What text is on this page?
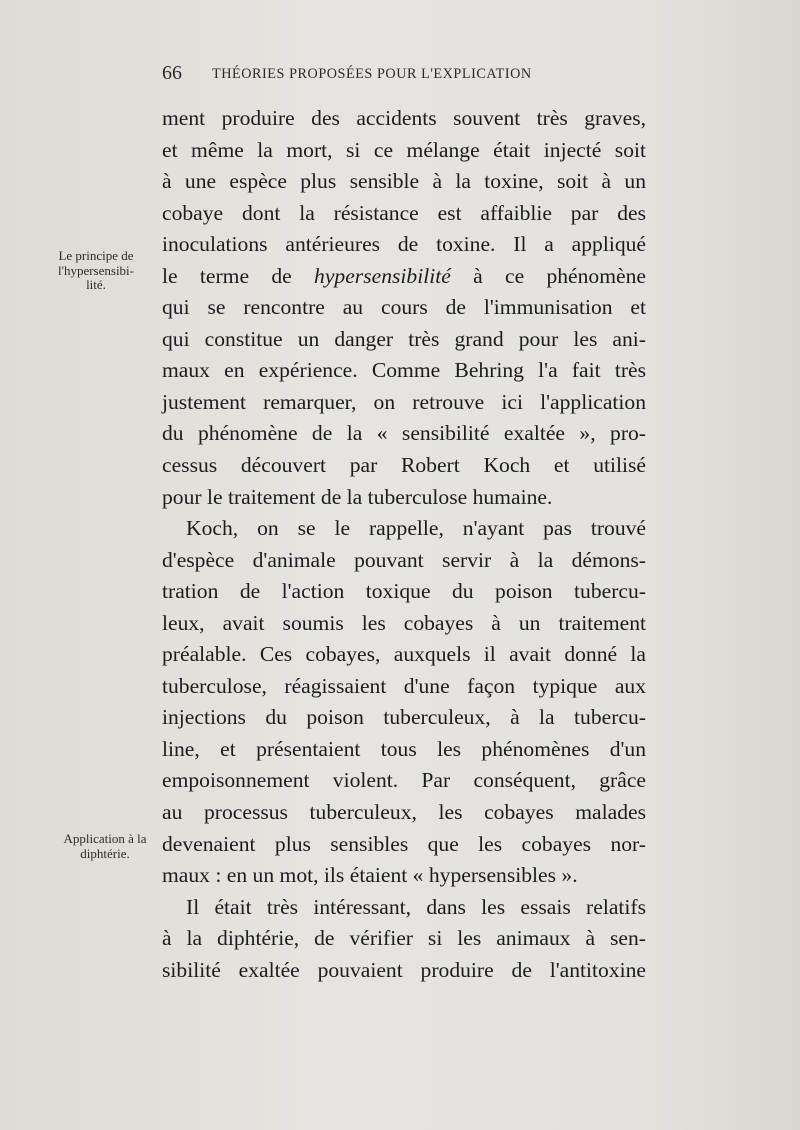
66 THÉORIES PROPOSÉES POUR L'EXPLICATION
Le principe de
l'hypersensibi-
lité.
Application à la
diphtérie.
ment produire des accidents souvent très graves,
et même la mort, si ce mélange était injecté soit
à une espèce plus sensible à la toxine, soit à un
cobaye dont la résistance est affaiblie par des
inoculations antérieures de toxine. Il a appliqué
le terme de hypersensibilité à ce phénomène
qui se rencontre au cours de l'immunisation et
qui constitue un danger très grand pour les ani-
maux en expérience. Comme Behring l'a fait très
justement remarquer, on retrouve ici l'application
du phénomène de la « sensibilité exaltée », pro-
cessus découvert par Robert Koch et utilisé
pour le traitement de la tuberculose humaine.
Koch, on se le rappelle, n'ayant pas trouvé
d'espèce d'animale pouvant servir à la démons-
tration de l'action toxique du poison tubercu-
leux, avait soumis les cobayes à un traitement
préalable. Ces cobayes, auxquels il avait donné la
tuberculose, réagissaient d'une façon typique aux
injections du poison tuberculeux, à la tubercu-
line, et présentaient tous les phénomènes d'un
empoisonnement violent. Par conséquent, grâce
au processus tuberculeux, les cobayes malades
devenaient plus sensibles que les cobayes nor-
maux : en un mot, ils étaient « hypersensibles ».
Il était très intéressant, dans les essais relatifs
à la diphtérie, de vérifier si les animaux à sen-
sibilité exaltée pouvaient produire de l'antitoxine
